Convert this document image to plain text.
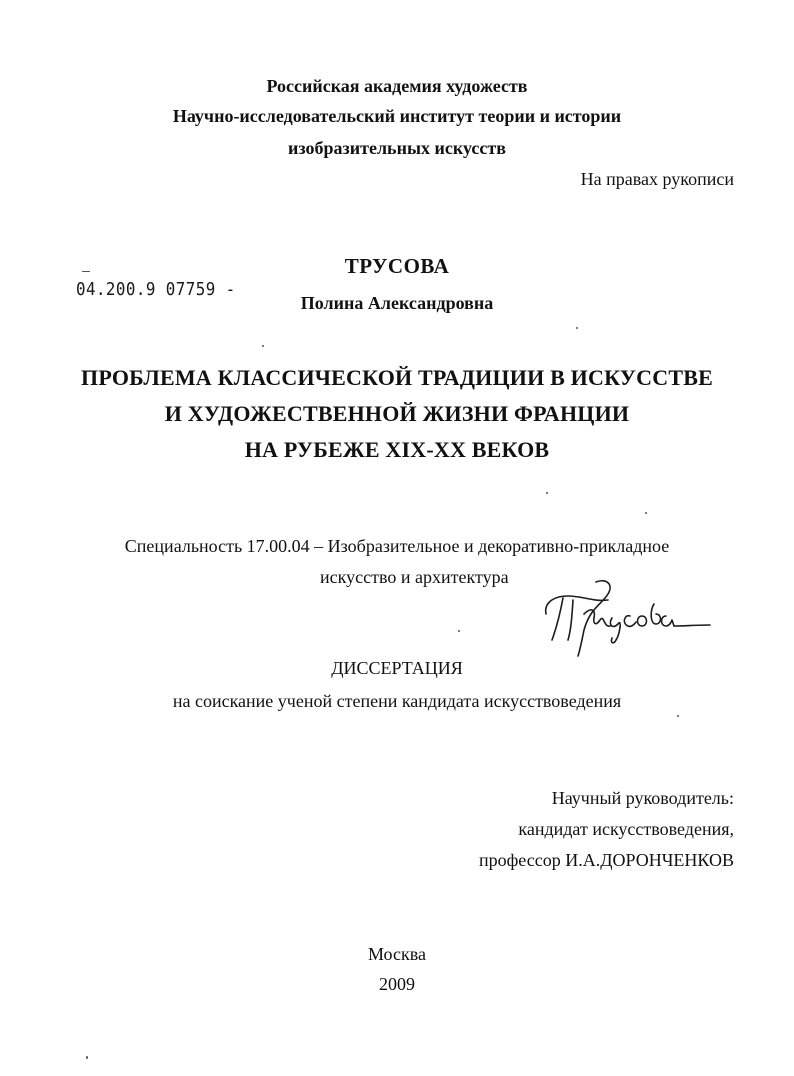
Российская академия художеств
Научно-исследовательский институт теории и истории
изобразительных искусств
На правах рукописи
04.200.9 07759 -
ТРУСОВА
Полина Александровна
ПРОБЛЕМА КЛАССИЧЕСКОЙ ТРАДИЦИИ В ИСКУССТВЕ
И ХУДОЖЕСТВЕННОЙ ЖИЗНИ ФРАНЦИИ
НА РУБЕЖЕ XIX-XX ВЕКОВ
Специальность 17.00.04 – Изобразительное и декоративно-прикладное
искусство и архитектура
ДИССЕРТАЦИЯ
на соискание ученой степени кандидата искусствоведения
Научный руководитель:
кандидат искусствоведения,
профессор И.А.ДОРОНЧЕНКОВ
Москва
2009
